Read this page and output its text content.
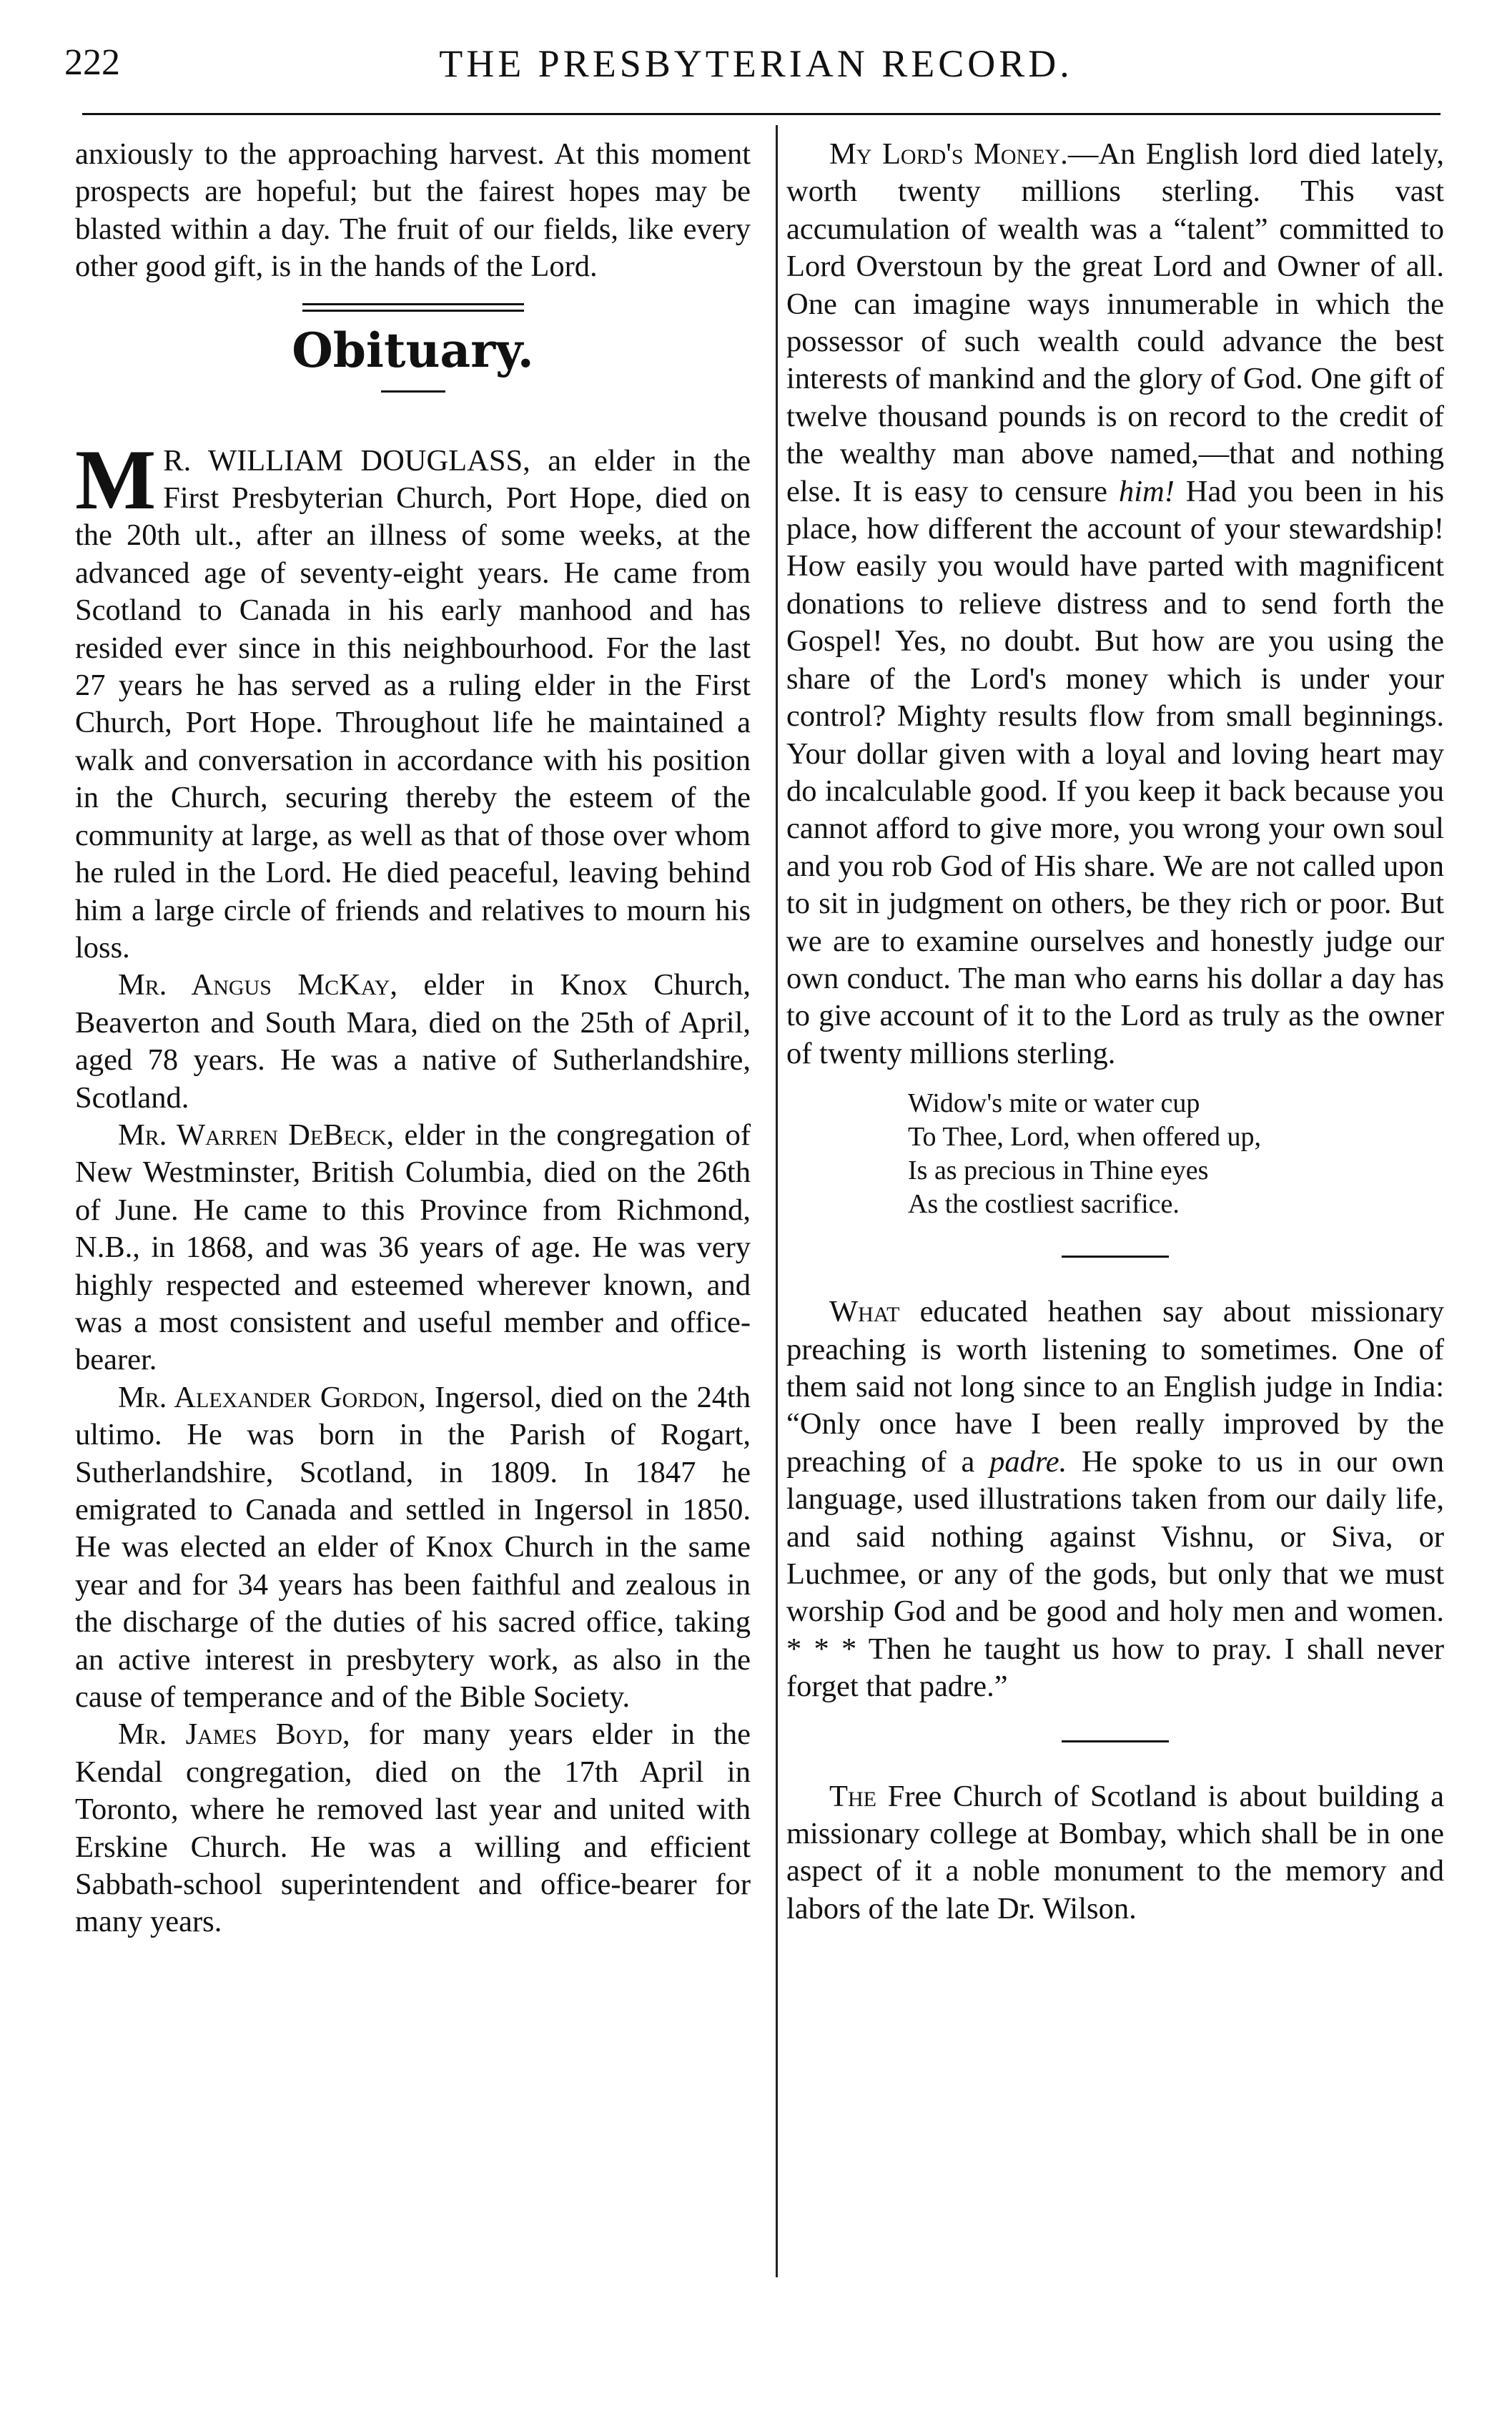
222	THE PRESBYTERIAN RECORD.

anxiously to the approaching harvest. At this moment prospects are hopeful; but the fairest hopes may be blasted within a day. The fruit of our fields, like every other good gift, is in the hands of the Lord.

Obituary.

M R. WILLIAM DOUGLASS, an elder in the First Presbyterian Church, Port Hope, died on the 20th ult., after an illness of some weeks, at the advanced age of seventy-eight years. He came from Scotland to Canada in his early manhood and has resided ever since in this neighbourhood. For the last 27 years he has served as a ruling elder in the First Church, Port Hope. Throughout life he maintained a walk and conversation in accordance with his position in the Church, securing thereby the esteem of the community at large, as well as that of those over whom he ruled in the Lord. He died peaceful, leaving behind him a large circle of friends and relatives to mourn his loss.

Mr. Angus McKay, elder in Knox Church, Beaverton and South Mara, died on the 25th of April, aged 78 years. He was a native of Sutherlandshire, Scotland.

Mr. Warren DeBeck, elder in the congregation of New Westminster, British Columbia, died on the 26th of June. He came to this Province from Richmond, N.B., in 1868, and was 36 years of age. He was very highly respected and esteemed wherever known, and was a most consistent and useful member and office-bearer.

Mr. Alexander Gordon, Ingersol, died on the 24th ultimo. He was born in the Parish of Rogart, Sutherlandshire, Scotland, in 1809. In 1847 he emigrated to Canada and settled in Ingersol in 1850. He was elected an elder of Knox Church in the same year and for 34 years has been faithful and zealous in the discharge of the duties of his sacred office, taking an active interest in presbytery work, as also in the cause of temperance and of the Bible Society.

Mr. James Boyd, for many years elder in the Kendal congregation, died on the 17th April in Toronto, where he removed last year and united with Erskine Church. He was a willing and efficient Sabbath-school superintendent and office-bearer for many years.

My Lord's Money.—An English lord died lately, worth twenty millions sterling. This vast accumulation of wealth was a “talent” committed to Lord Overstoun by the great Lord and Owner of all. One can imagine ways innumerable in which the possessor of such wealth could advance the best interests of mankind and the glory of God. One gift of twelve thousand pounds is on record to the credit of the wealthy man above named,—that and nothing else. It is easy to censure him! Had you been in his place, how different the account of your stewardship! How easily you would have parted with magnificent donations to relieve distress and to send forth the Gospel! Yes, no doubt. But how are you using the share of the Lord's money which is under your control? Mighty results flow from small beginnings. Your dollar given with a loyal and loving heart may do incalculable good. If you keep it back because you cannot afford to give more, you wrong your own soul and you rob God of His share. We are not called upon to sit in judgment on others, be they rich or poor. But we are to examine ourselves and honestly judge our own conduct. The man who earns his dollar a day has to give account of it to the Lord as truly as the owner of twenty millions sterling.

Widow's mite or water cup
To Thee, Lord, when offered up,
Is as precious in Thine eyes
As the costliest sacrifice.

What educated heathen say about missionary preaching is worth listening to sometimes. One of them said not long since to an English judge in India: “Only once have I been really improved by the preaching of a padre. He spoke to us in our own language, used illustrations taken from our daily life, and said nothing against Vishnu, or Siva, or Luchmee, or any of the gods, but only that we must worship God and be good and holy men and women. * * * Then he taught us how to pray. I shall never forget that padre.”

The Free Church of Scotland is about building a missionary college at Bombay, which shall be in one aspect of it a noble monument to the memory and labors of the late Dr. Wilson.
